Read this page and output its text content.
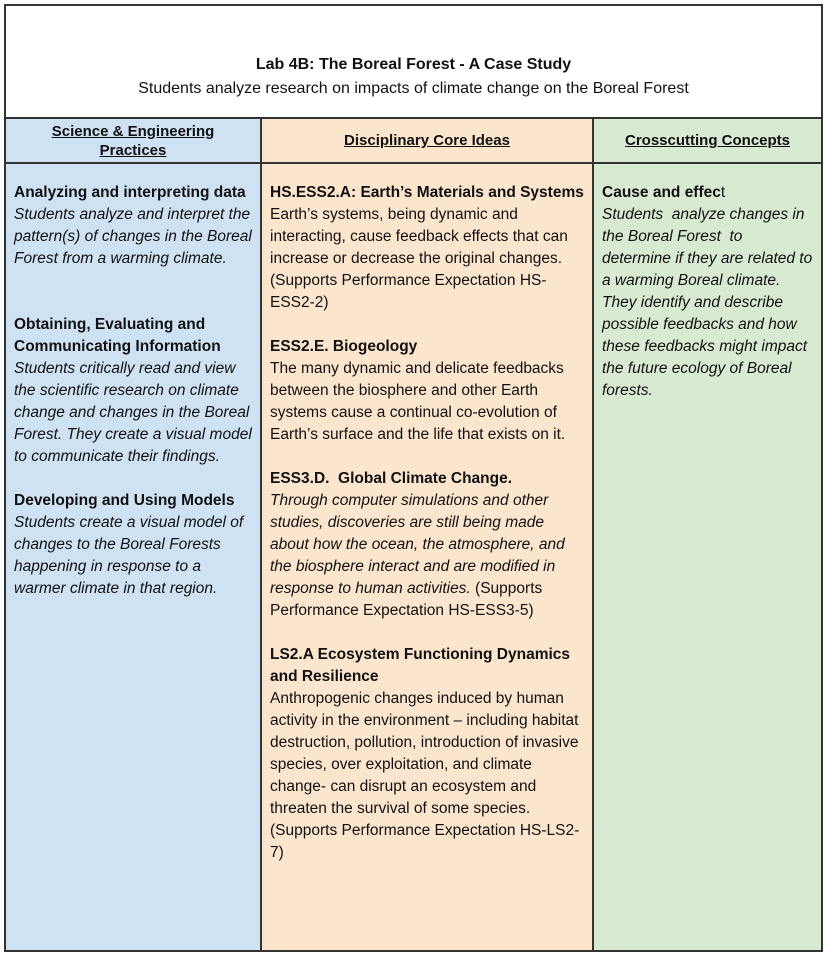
Lab 4B: The Boreal Forest - A Case Study
Students analyze research on impacts of climate change on the Boreal Forest
Science & Engineering Practices
Disciplinary Core Ideas	Crosscutting Concepts
Analyzing and interpreting data
Students analyze and interpret the pattern(s) of changes in the Boreal Forest from a warming climate.
Obtaining, Evaluating and Communicating Information
Students critically read and view the scientific research on climate change and changes in the Boreal Forest. They create a visual model to communicate their findings.
Developing and Using Models
Students create a visual model of changes to the Boreal Forests happening in response to a warmer climate in that region.
HS.ESS2.A: Earth’s Materials and Systems
Earth’s systems, being dynamic and interacting, cause feedback effects that can increase or decrease the original changes. (Supports Performance Expectation HS-ESS2-2)
ESS2.E. Biogeology
The many dynamic and delicate feedbacks between the biosphere and other Earth systems cause a continual co-evolution of Earth’s surface and the life that exists on it.
ESS3.D.  Global Climate Change.
Through computer simulations and other studies, discoveries are still being made about how the ocean, the atmosphere, and the biosphere interact and are modified in response to human activities. (Supports  Performance Expectation HS-ESS3-5)
LS2.A Ecosystem Functioning Dynamics and Resilience
Anthropogenic changes induced by human activity in the environment – including habitat destruction, pollution, introduction of invasive species, over exploitation, and climate change- can disrupt an ecosystem and threaten the survival of some species. (Supports Performance Expectation HS-LS2-7)
Cause and effect
Students  analyze changes in the Boreal Forest  to determine if they are related to a warming Boreal climate. They identify and describe possible feedbacks and how these feedbacks might impact the future ecology of Boreal forests.
